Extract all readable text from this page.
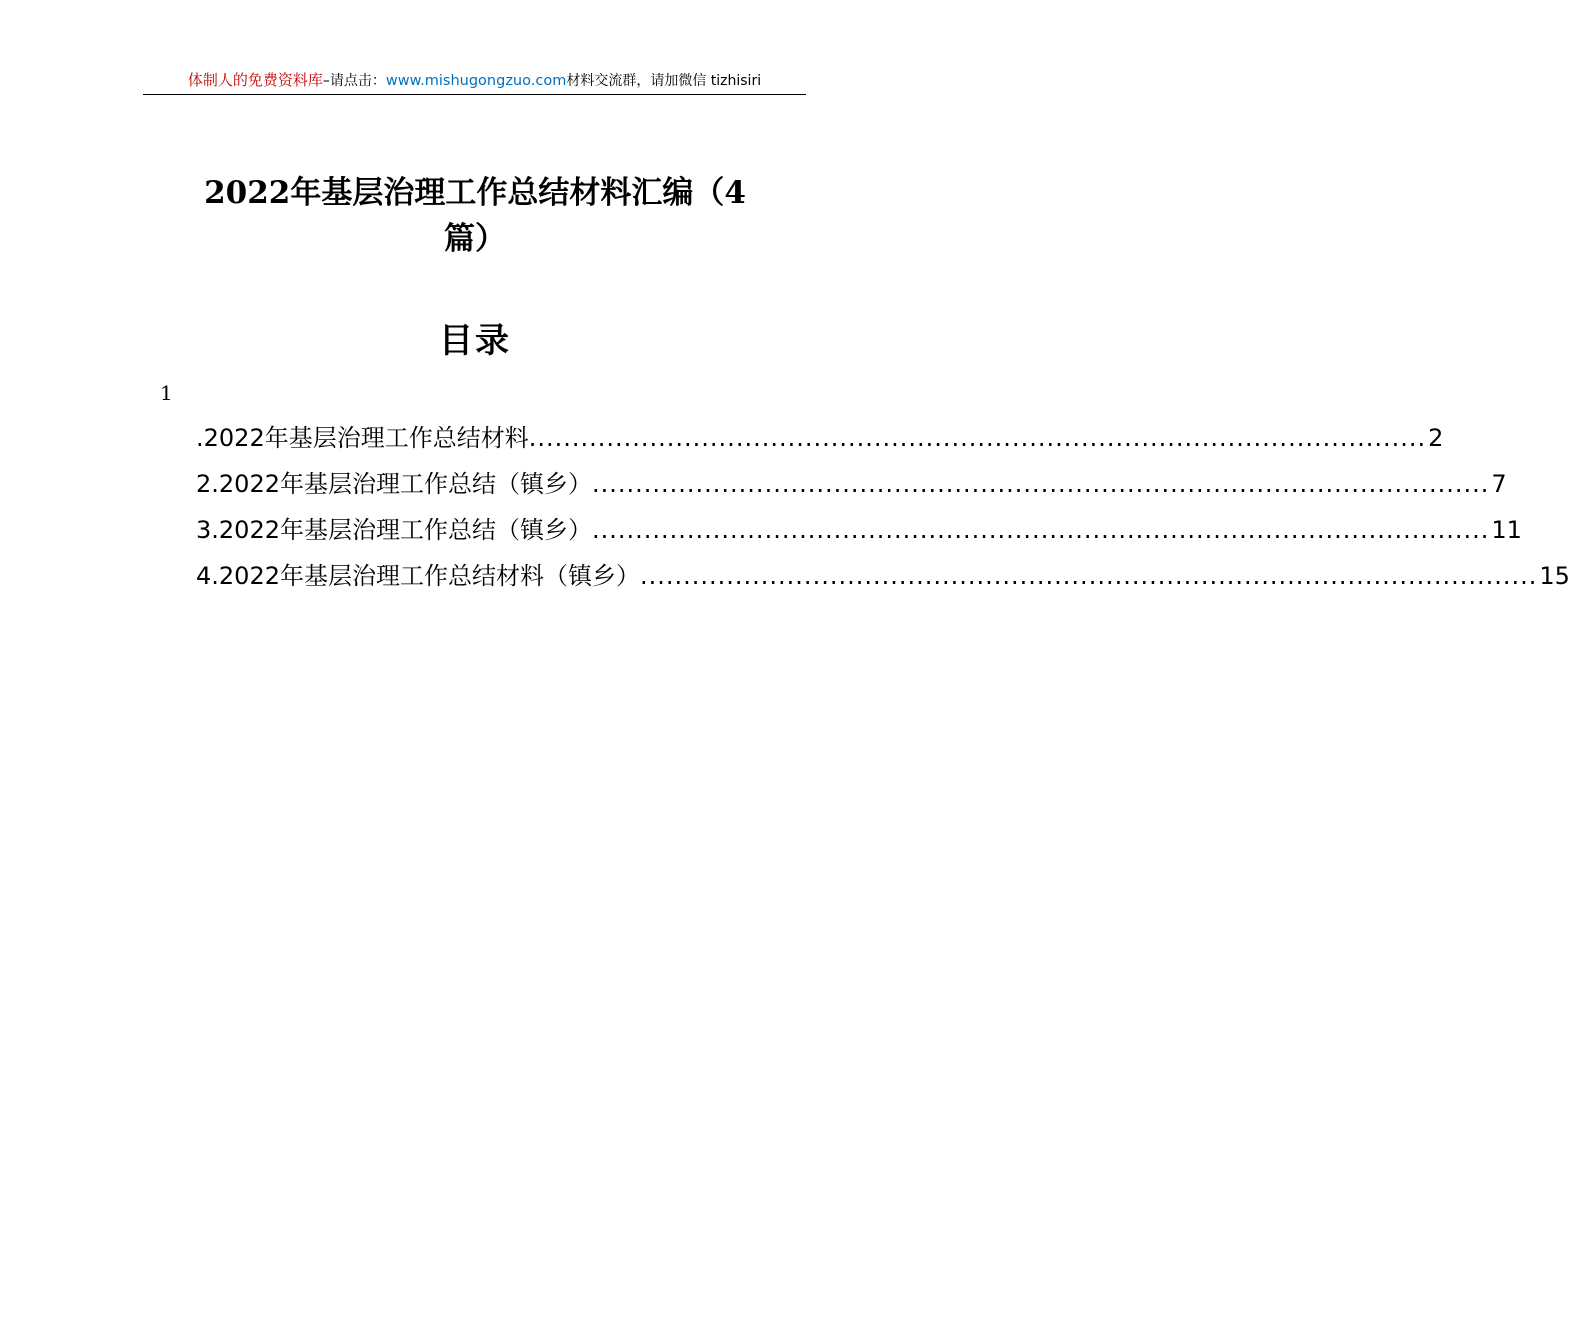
体制人的免费资料库–请点击：www.mishugongzuo.com材料交流群，请加微信 tizhisiri
2022年基层治理工作总结材料汇编（4
篇）
目录
1
.2022年基层治理工作总结材料 ........................................................................................................ 2
2.2022年基层治理工作总结（镇乡） ........................................................................................................ 7
3.2022年基层治理工作总结（镇乡） ........................................................................................................ 11
4.2022年基层治理工作总结材料（镇乡） ........................................................................................................ 15
